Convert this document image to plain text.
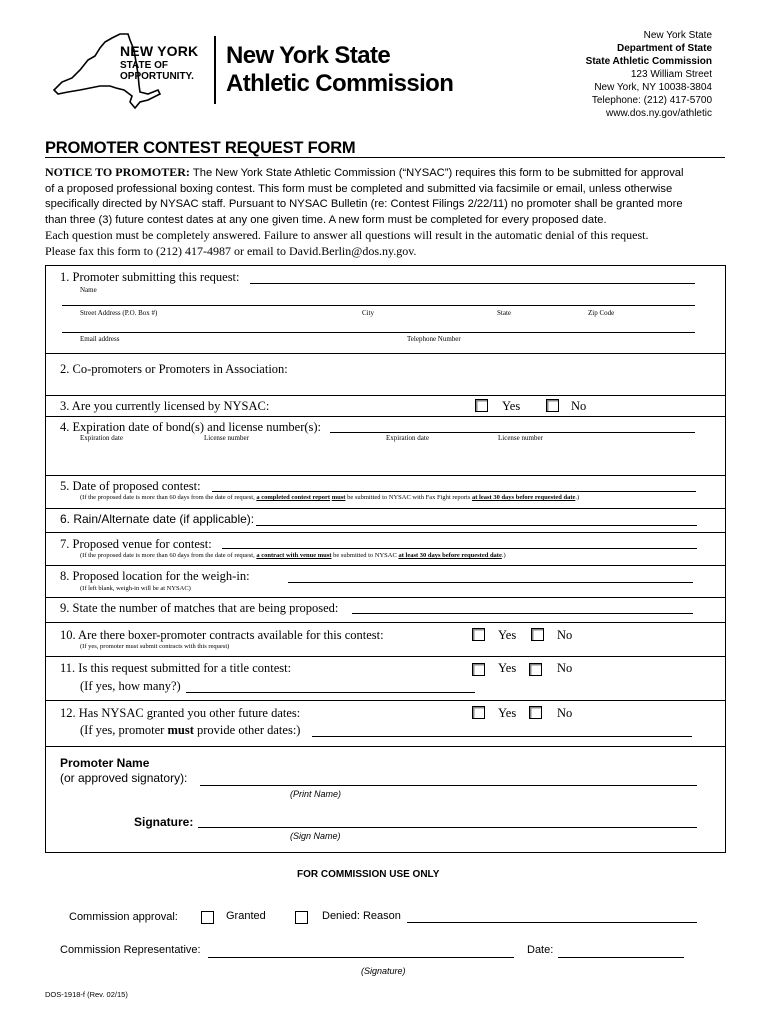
NEW YORK
STATE OF
OPPORTUNITY.
New York State
Athletic Commission
New York State
Department of State
State Athletic Commission
123 William Street
New York, NY 10038-3804
Telephone: (212) 417-5700
www.dos.ny.gov/athletic
PROMOTER CONTEST REQUEST FORM
NOTICE TO PROMOTER: The New York State Athletic Commission (“NYSAC”) requires this form to be submitted for approval
of a proposed professional boxing contest. This form must be completed and submitted via facsimile or email, unless otherwise
specifically directed by NYSAC staff. Pursuant to NYSAC Bulletin (re: Contest Filings 2/22/11) no promoter shall be granted more
than three (3) future contest dates at any one given time. A new form must be completed for every proposed date.
Each question must be completely answered. Failure to answer all questions will result in the automatic denial of this request.
Please fax this form to (212) 417-4987 or email to David.Berlin@dos.ny.gov.
1. Promoter submitting this request:
Name
Street Address (P.O. Box #)	City	State	Zip Code
Email address	Telephone Number
2. Co-promoters or Promoters in Association:
3. Are you currently licensed by NYSAC:	Yes	No
4. Expiration date of bond(s) and license number(s):
Expiration date	License number	Expiration date	License number
5. Date of proposed contest:
(If the proposed date is more than 60 days from the date of request, a completed contest report must be submitted to NYSAC with Fax Fight reports at least 30 days before requested date.)
6. Rain/Alternate date (if applicable):
7. Proposed venue for contest:
(If the proposed date is more than 60 days from the date of request, a contract with venue must be submitted to NYSAC at least 30 days before requested date.)
8. Proposed location for the weigh-in:
(If left blank, weigh-in will be at NYSAC)
9. State the number of matches that are being proposed:
10. Are there boxer-promoter contracts available for this contest:
(If yes, promoter must submit contracts with this request)
Yes	No
11. Is this request submitted for a title contest:
(If yes, how many?)
Yes	No
12. Has NYSAC granted you other future dates:
(If yes, promoter must provide other dates:)
Yes	No
Promoter Name
(or approved signatory):
(Print Name)
Signature:
(Sign Name)
FOR COMMISSION USE ONLY
Commission approval:	Granted	Denied: Reason
Commission Representative:	Date:
(Signature)
DOS-1918-f (Rev. 02/15)
